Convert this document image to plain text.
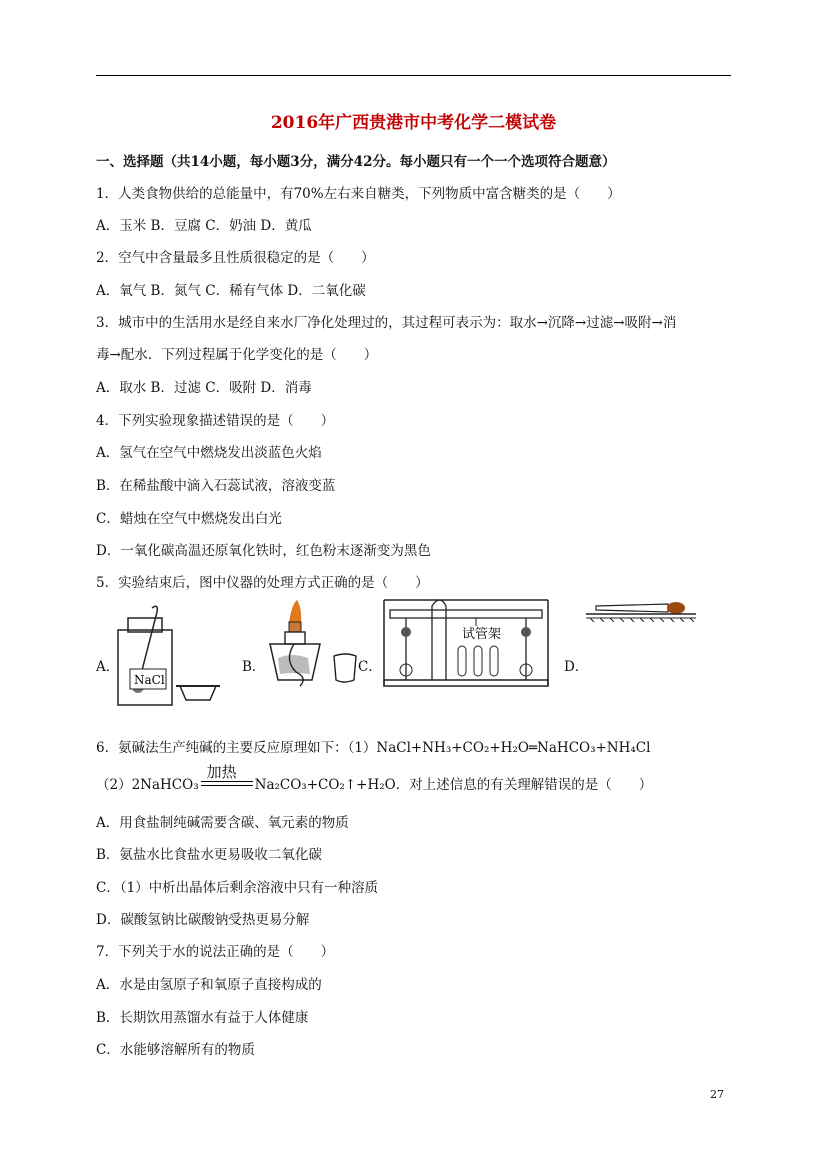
2016年广西贵港市中考化学二模试卷
一、选择题（共14小题，每小题3分，满分42分。每小题只有一个一个选项符合题意）
1．人类食物供给的总能量中，有70%左右来自糖类，下列物质中富含糖类的是（　　）
A．玉米 B．豆腐 C．奶油 D．黄瓜
2．空气中含量最多且性质很稳定的是（　　）
A．氧气 B．氮气 C．稀有气体 D．二氧化碳
3．城市中的生活用水是经自来水厂净化处理过的，其过程可表示为：取水→沉降→过滤→吸附→消
毒→配水．下列过程属于化学变化的是（　　）
A．取水 B．过滤 C．吸附 D．消毒
4．下列实验现象描述错误的是（　　）
A．氢气在空气中燃烧发出淡蓝色火焰
B．在稀盐酸中滴入石蕊试液，溶液变蓝
C．蜡烛在空气中燃烧发出白光
D．一氧化碳高温还原氧化铁时，红色粉末逐渐变为黑色
5．实验结束后，图中仪器的处理方式正确的是（　　）
A．
NaCl
B．	C．
试管架
D．
6．氨碱法生产纯碱的主要反应原理如下：（1）NaCl+NH₃+CO₂+H₂O═NaHCO₃+NH₄Cl
（2）2NaHCO₃
加热
Na₂CO₃+CO₂↑+H₂O．对上述信息的有关理解错误的是（　　）
A．用食盐制纯碱需要含碳、氧元素的物质
B．氨盐水比食盐水更易吸收二氧化碳
C．（1）中析出晶体后剩余溶液中只有一种溶质
D．碳酸氢钠比碳酸钠受热更易分解
7．下列关于水的说法正确的是（　　）
A．水是由氢原子和氧原子直接构成的
B．长期饮用蒸馏水有益于人体健康
C．水能够溶解所有的物质
27
